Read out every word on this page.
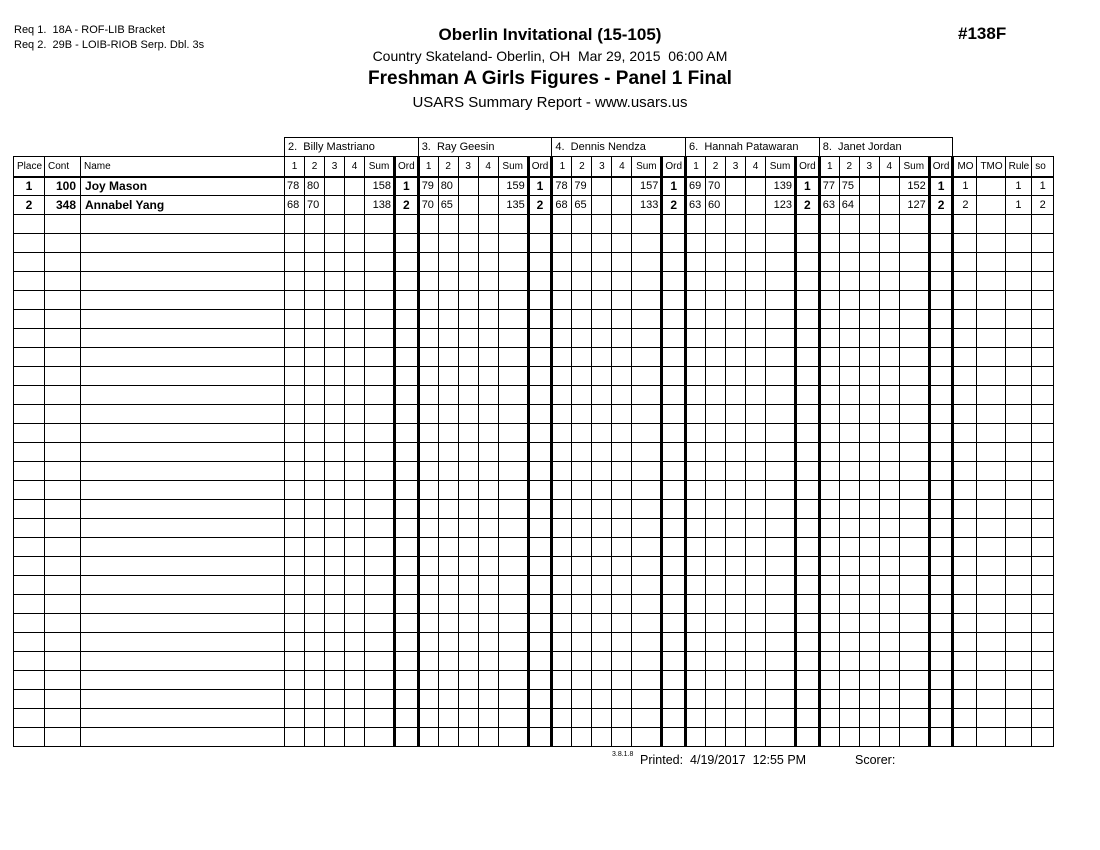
Req 1.  18A - ROF-LIB Bracket
Req 2.  29B - LOIB-RIOB Serp. Dbl. 3s
#138F
Oberlin Invitational (15-105)
Country Skateland- Oberlin, OH  Mar 29, 2015  06:00 AM
Freshman A Girls Figures - Panel 1 Final
USARS Summary Report - www.usars.us
			2.  Billy Mastriano						3.  Ray Geesin						4.  Dennis Nendza						6.  Hannah Patawaran						8.  Janet Jordan									
Place	Cont	Name	1	2	3	4	Sum	Ord	1	2	3	4	Sum	Ord	1	2	3	4	Sum	Ord	1	2	3	4	Sum	Ord	1	2	3	4	Sum	Ord	MO	TMO	Rule	so
1	100	Joy Mason	78	80			158	1	79	80			159	1	78	79			157	1	69	70			139	1	77	75			152	1	1		1	1
2	348	Annabel Yang	68	70			138	2	70	65			135	2	68	65			133	2	63	60			123	2	63	64			127	2	2		1	2

3.8.1.8 Printed:  4/19/2017  12:55 PM	Scorer:
